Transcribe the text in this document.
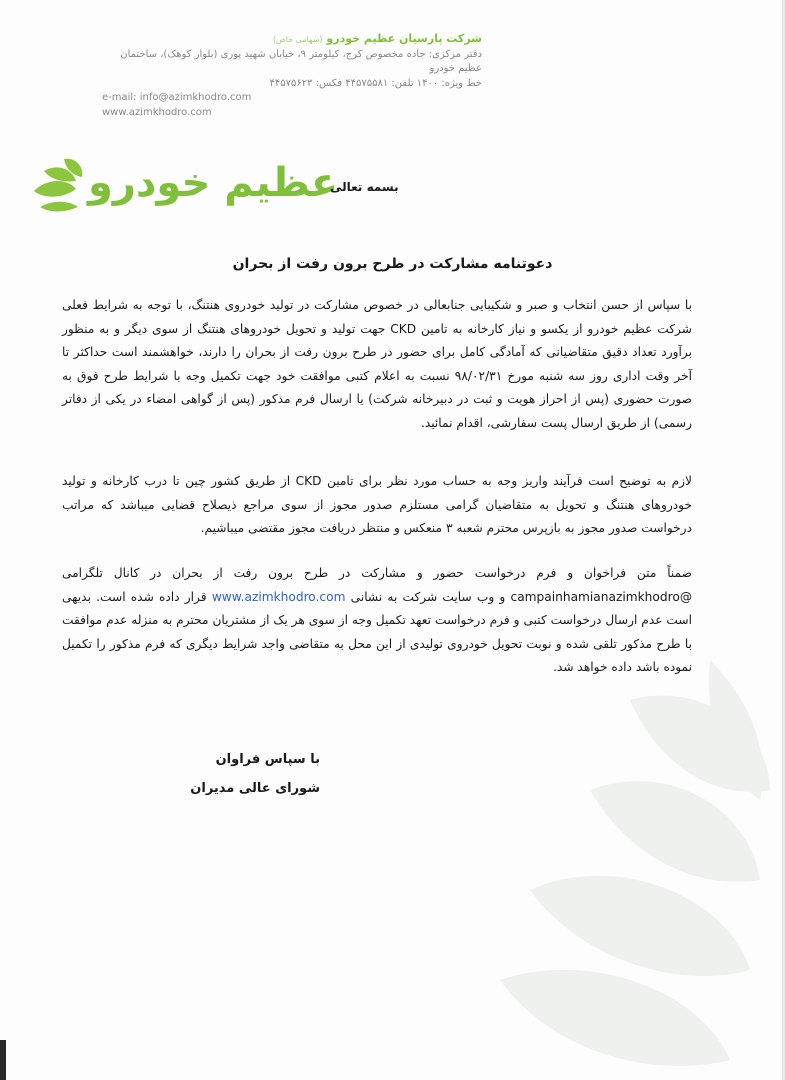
شرکت پارسیان عظیم خودرو (سهامی خاص)
دفتر مرکزی: جاده مخصوص کرج، کیلومتر ۹، خیابان شهید پوری (بلوار کوهک)، ساختمان عظیم خودرو
خط ویژه: ۱۴۰۰ تلفن: ۴۴۵۷۵۵۸۱ فکس: ۴۴۵۷۵۶۲۳
e-mail: info@azimkhodro.com
www.azimkhodro.com
عظیم خودرو
بسمه تعالی
دعوتنامه مشارکت در طرح برون رفت از بحران
با سپاس از حسن انتخاب و صبر و شکیبایی جنابعالی در خصوص مشارکت در تولید خودروی هنتنگ، با توجه به شرایط فعلی شرکت عظیم خودرو از یکسو و نیاز کارخانه به تامین CKD جهت تولید و تحویل خودروهای هنتنگ از سوی دیگر و به منظور برآورد تعداد دقیق متقاضیانی که آمادگی کامل برای حضور در طرح برون رفت از بحران را دارند، خواهشمند است حداکثر تا آخر وقت اداری روز سه شنبه مورخ ۹۸/۰۲/۳۱ نسبت به اعلام کتبی موافقت خود جهت تکمیل وجه با شرایط طرح فوق به صورت حضوری (پس از احراز هویت و ثبت در دبیرخانه شرکت) یا ارسال فرم مذکور (پس از گواهی امضاء در یکی از دفاتر رسمی) از طریق ارسال پست سفارشی، اقدام نمائید.
لازم به توضیح است فرآیند واریز وجه به حساب مورد نظر برای تامین CKD از طریق کشور چین تا درب کارخانه و تولید خودروهای هنتنگ و تحویل به متقاضیان گرامی مستلزم صدور مجوز از سوی مراجع ذیصلاح قضایی میباشد که مراتب درخواست صدور مجوز به بازپرس محترم شعبه ۳ منعکس و منتظر دریافت مجوز مقتضی میباشیم.
ضمناً متن فراخوان و فرم درخواست حضور و مشارکت در طرح برون رفت از بحران در کانال تلگرامی @campainhamianazimkhodro و وب سایت شرکت به نشانی www.azimkhodro.com قرار داده شده است. بدیهی است عدم ارسال درخواست کتبی و فرم درخواست تعهد تکمیل وجه از سوی هر یک از مشتریان محترم به منزله عدم موافقت با طرح مذکور تلقی شده و نوبت تحویل خودروی تولیدی از این محل به متقاضی واجد شرایط دیگری که فرم مذکور را تکمیل نموده باشد داده خواهد شد.
با سپاس فراوان
شورای عالی مدیران
